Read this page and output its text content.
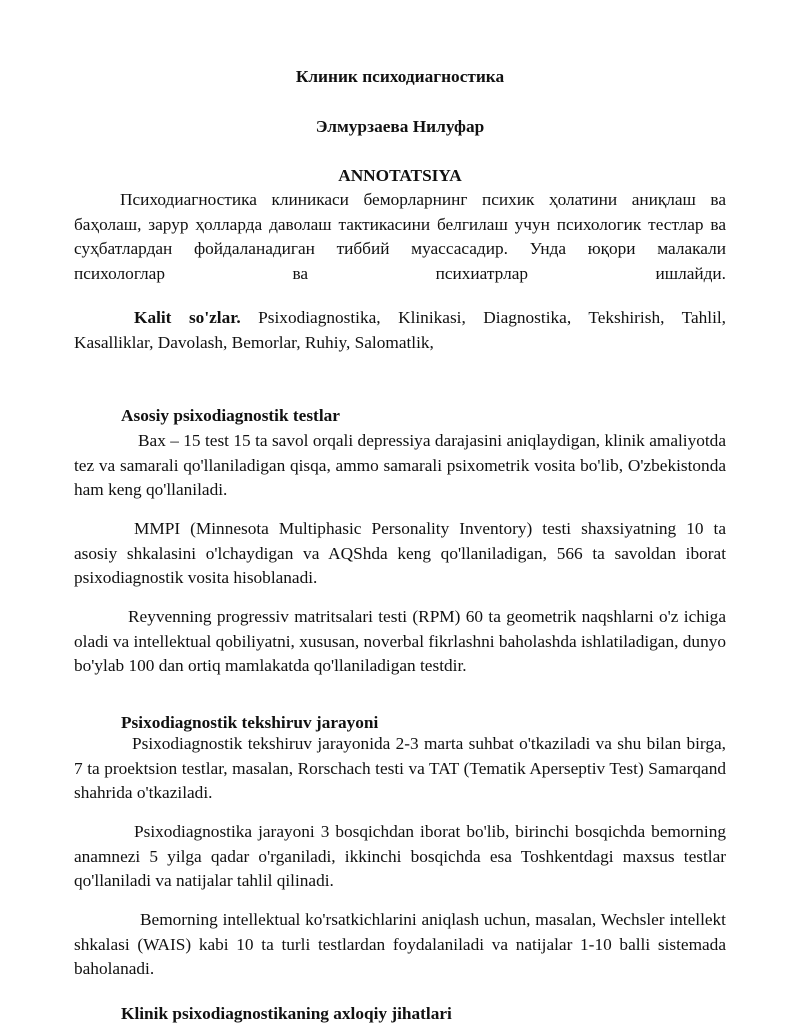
Клиник психодиагностика

Элмурзаева Нилуфар

ANNOTATSIYA

Психодиагностика клиникаси беморларнинг психик ҳолатини аниқлаш ва баҳолаш, зарур ҳолларда даволаш тактикасини белгилаш учун психологик тестлар ва суҳбатлардан фойдаланадиган тиббий муассасадир. Унда юқори малакали

психологлар ва психиатрлар ишлайди.

Kalit so'zlar. Psixodiagnostika, Klinikasi, Diagnostika, Tekshirish, Tahlil, Kasalliklar, Davolash, Bemorlar, Ruhiy, Salomatlik,

Asosiy psixodiagnostik testlar

Bax – 15 test 15 ta savol orqali depressiya darajasini aniqlaydigan, klinik amaliyotda tez va samarali qo'llaniladigan qisqa, ammo samarali psixometrik vosita bo'lib, O'zbekistonda ham keng qo'llaniladi.

MMPI (Minnesota Multiphasic Personality Inventory) testi shaxsiyatning 10 ta asosiy shkalasini o'lchaydigan va AQShda keng qo'llaniladigan, 566 ta savoldan iborat psixodiagnostik vosita hisoblanadi.

Reyvenning progressiv matritsalari testi (RPM) 60 ta geometrik naqshlarni o'z ichiga oladi va intellektual qobiliyatni, xususan, noverbal fikrlashni baholashda ishlatiladigan, dunyo bo'ylab 100 dan ortiq mamlakatda qo'llaniladigan testdir.

Psixodiagnostik tekshiruv jarayoni

Psixodiagnostik tekshiruv jarayonida 2-3 marta suhbat o'tkaziladi va shu bilan birga, 7 ta proektsion testlar, masalan, Rorschach testi va TAT (Tematik Aperseptiv Test) Samarqand shahrida o'tkaziladi.

Psixodiagnostika jarayoni 3 bosqichdan iborat bo'lib, birinchi bosqichda bemorning anamnezi 5 yilga qadar o'rganiladi, ikkinchi bosqichda esa Toshkentdagi maxsus testlar qo'llaniladi va natijalar tahlil qilinadi.

Bemorning intellektual ko'rsatkichlarini aniqlash uchun, masalan, Wechsler intellekt shkalasi (WAIS) kabi 10 ta turli testlardan foydalaniladi va natijalar 1-10 balli sistemada baholanadi.

Klinik psixodiagnostikaning axloqiy jihatlari
